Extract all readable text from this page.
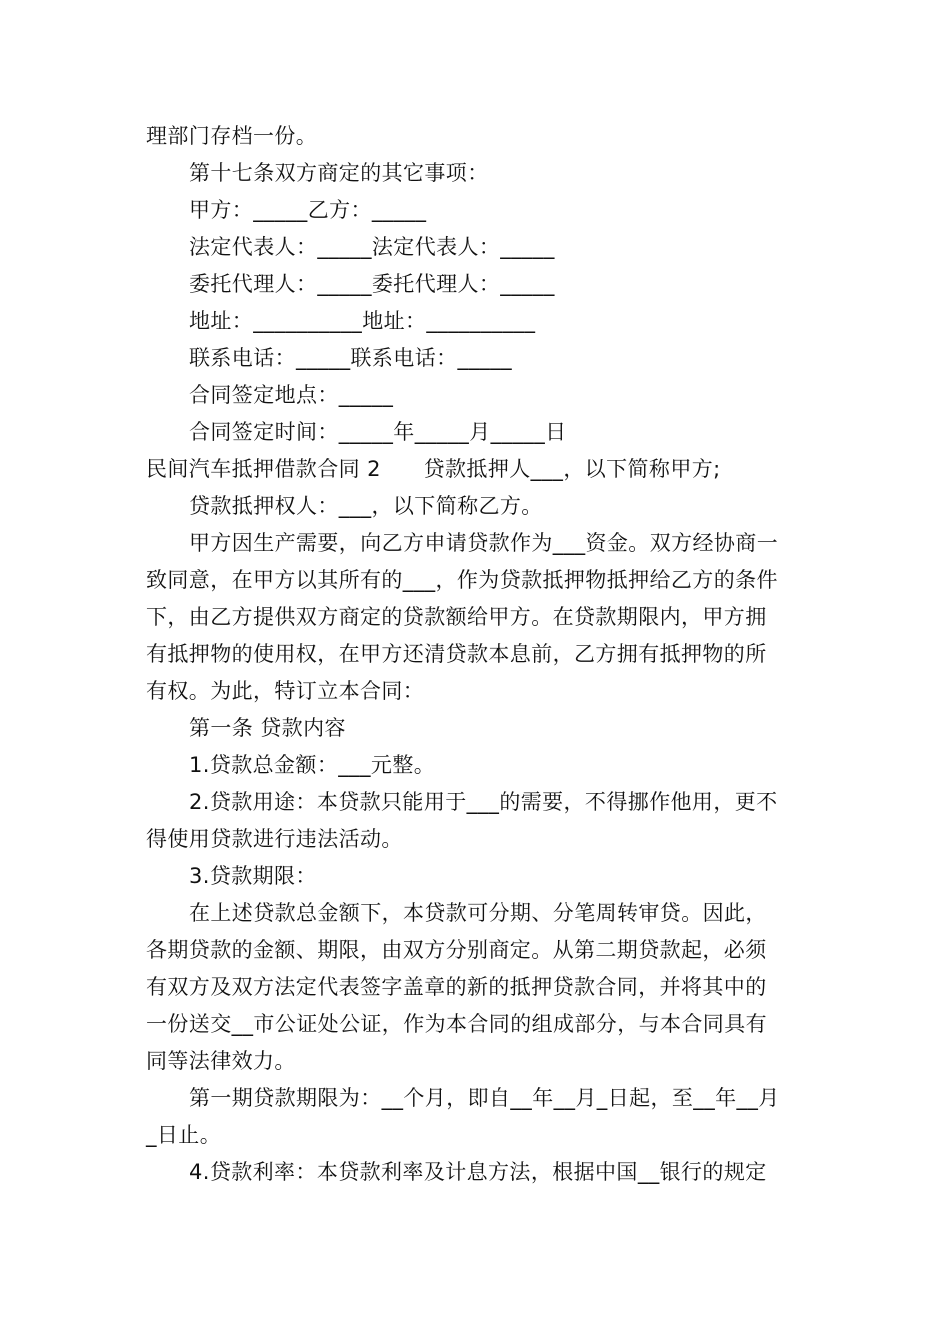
理部门存档一份。
第十七条双方商定的其它事项：
甲方：_____乙方：_____
法定代表人：_____法定代表人：_____
委托代理人：_____委托代理人：_____
地址：__________地址：__________
联系电话：_____联系电话：_____
合同签定地点：_____
合同签定时间：_____年_____月_____日
民间汽车抵押借款合同 2　　贷款抵押人___，以下简称甲方;
贷款抵押权人：___，以下简称乙方。
甲方因生产需要，向乙方申请贷款作为___资金。双方经协商一
致同意，在甲方以其所有的___，作为贷款抵押物抵押给乙方的条件
下，由乙方提供双方商定的贷款额给甲方。在贷款期限内，甲方拥
有抵押物的使用权，在甲方还清贷款本息前，乙方拥有抵押物的所
有权。为此，特订立本合同：
第一条 贷款内容
1.贷款总金额：___元整。
2.贷款用途：本贷款只能用于___的需要，不得挪作他用，更不
得使用贷款进行违法活动。
3.贷款期限：
在上述贷款总金额下，本贷款可分期、分笔周转审贷。因此，
各期贷款的金额、期限，由双方分别商定。从第二期贷款起，必须
有双方及双方法定代表签字盖章的新的抵押贷款合同，并将其中的
一份送交__市公证处公证，作为本合同的组成部分，与本合同具有
同等法律效力。
第一期贷款期限为：__个月，即自__年__月_日起，至__年__月
_日止。
4.贷款利率：本贷款利率及计息方法，根据中国__银行的规定
